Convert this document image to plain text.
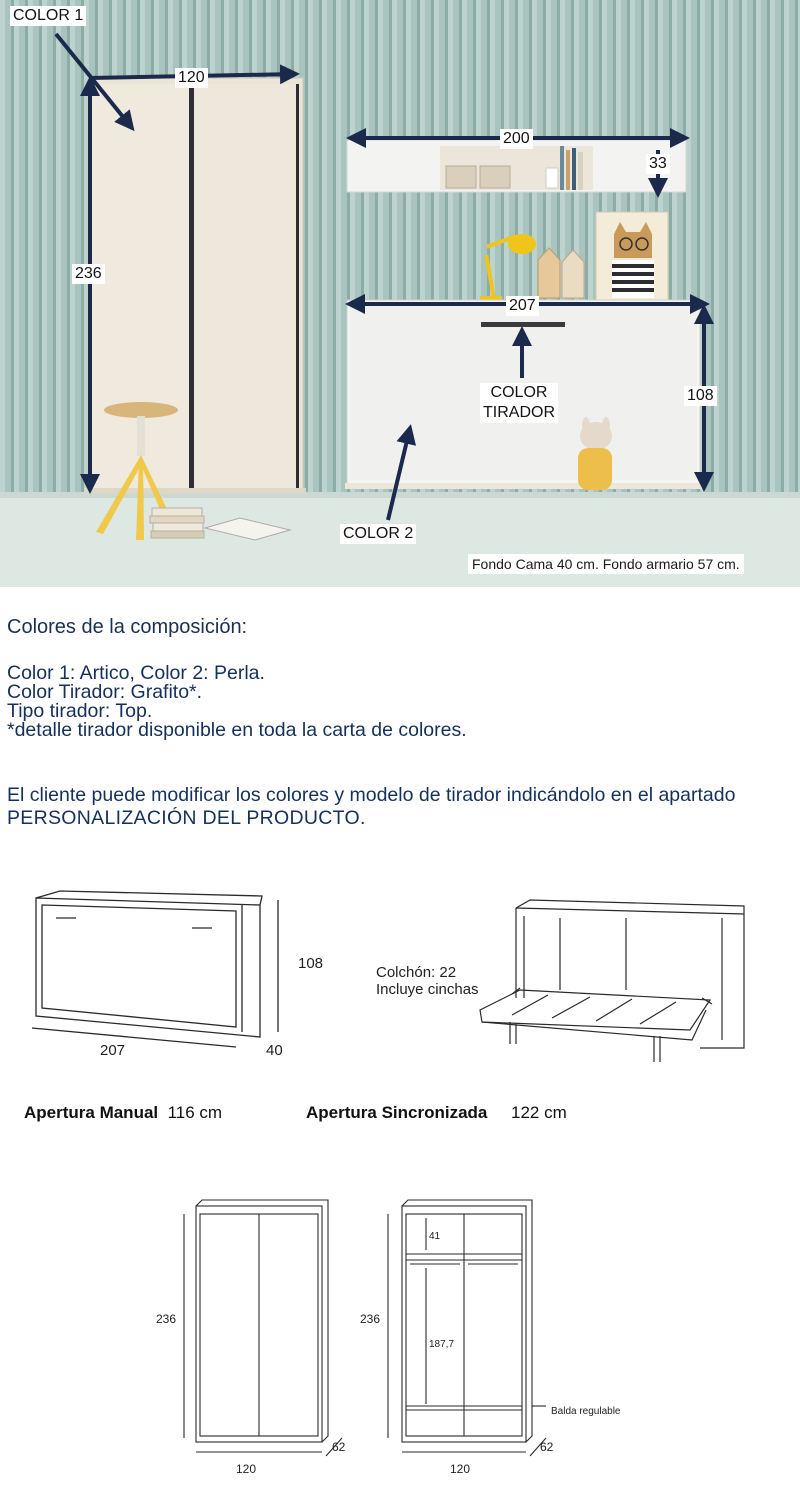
COLOR 1
120
236
200
33
207
COLOR
TIRADOR
108
COLOR 2
Fondo Cama 40 cm. Fondo armario 57 cm.
Colores de la composición:
Color 1: Artico, Color 2: Perla.
Color Tirador: Grafito*.
Tipo tirador: Top.
*detalle tirador disponible en toda la carta de colores.
El cliente puede modificar los colores y modelo de tirador indicándolo en el apartado PERSONALIZACIÓN DEL PRODUCTO.
207	40
108
Colchón: 22
Incluye cinchas
Apertura Manual 116 cm	Apertura Sincronizada 122 cm
236
120
62
236
120
62
41
187,7
Balda regulable
